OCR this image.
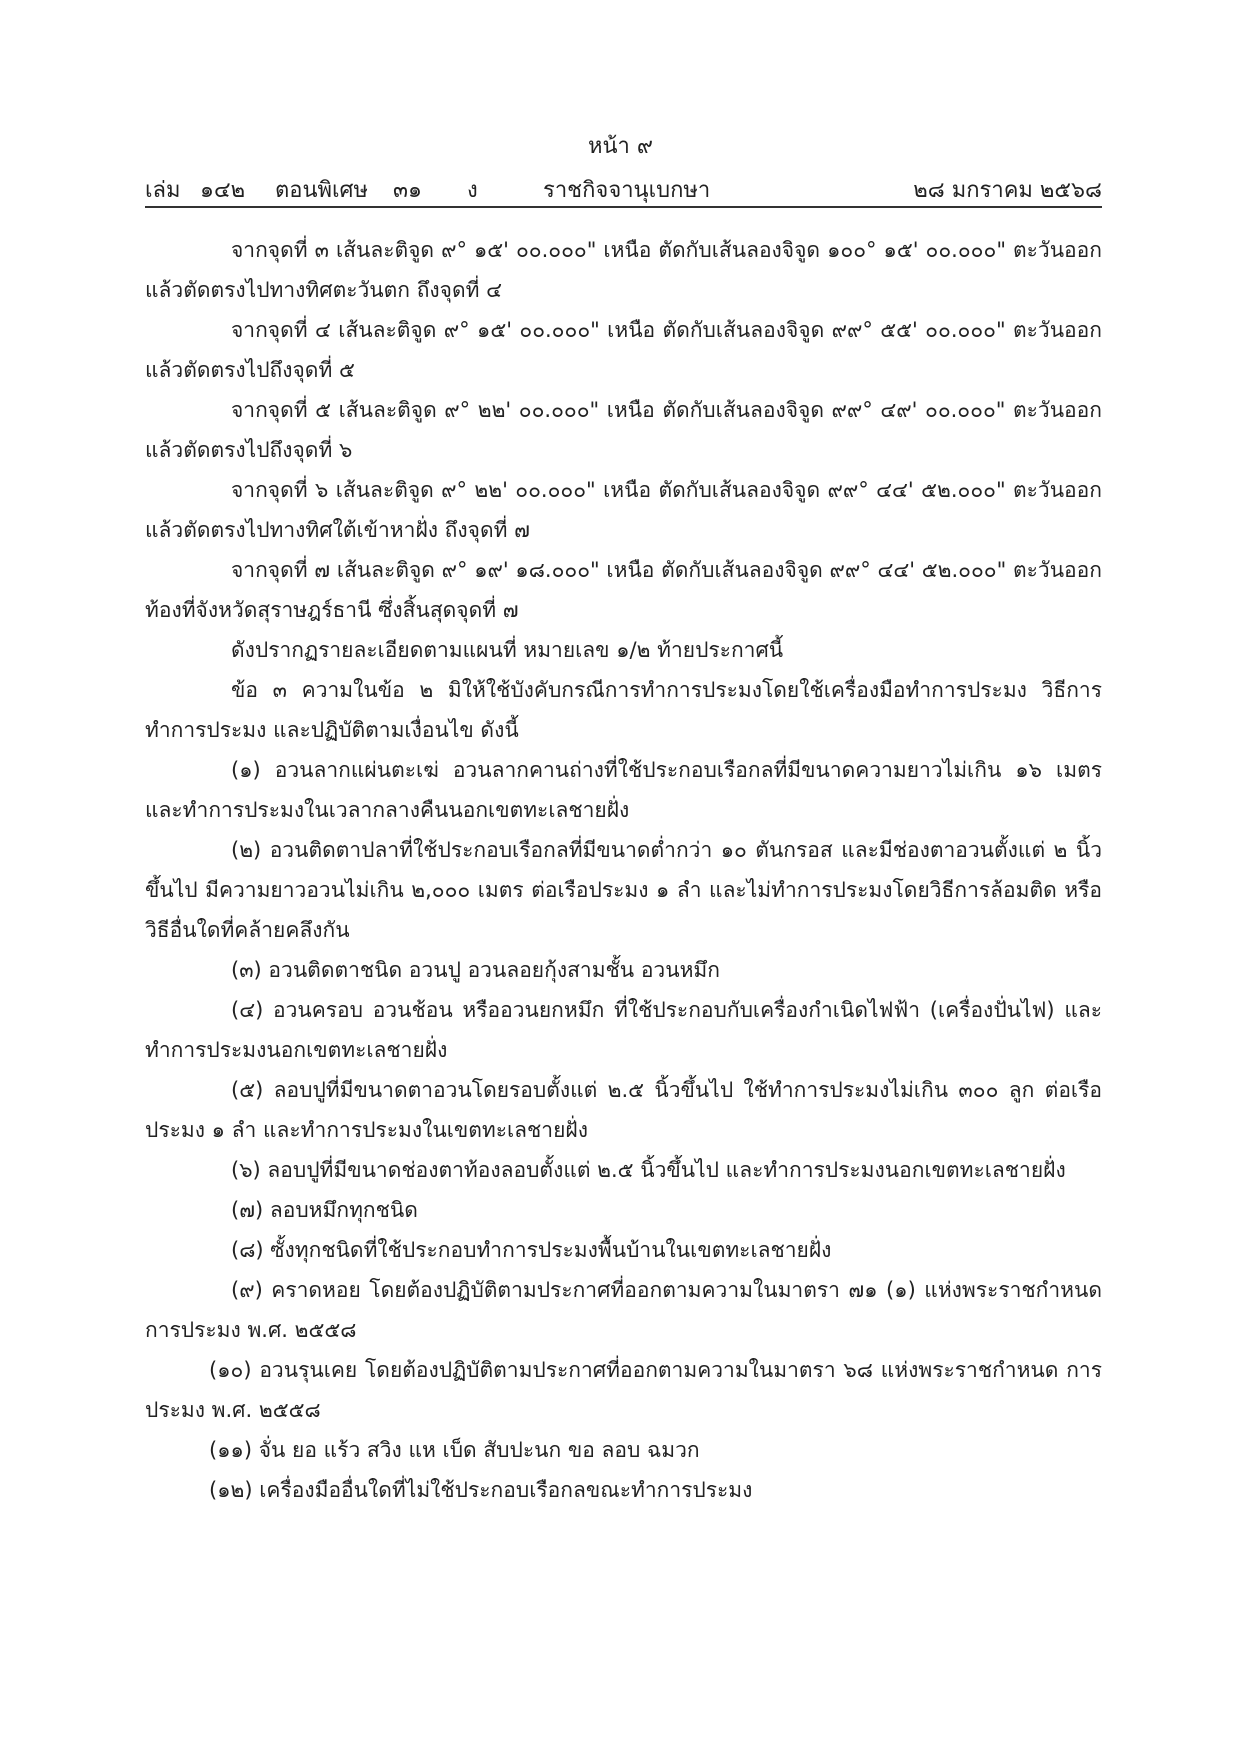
หน้า ๙
เล่ม ๑๔๒ ตอนพิเศษ ๓๑ ง	ราชกิจจานุเบกษา	๒๘ มกราคม ๒๕๖๘

จากจุดที่ ๓ เส้นละติจูด ๙° ๑๕' ๐๐.๐๐๐" เหนือ ตัดกับเส้นลองจิจูด ๑๐๐° ๑๕' ๐๐.๐๐๐" ตะวันออก แล้วตัดตรงไปทางทิศตะวันตก ถึงจุดที่ ๔

จากจุดที่ ๔ เส้นละติจูด ๙° ๑๕' ๐๐.๐๐๐" เหนือ ตัดกับเส้นลองจิจูด ๙๙° ๕๕' ๐๐.๐๐๐" ตะวันออก แล้วตัดตรงไปถึงจุดที่ ๕

จากจุดที่ ๕ เส้นละติจูด ๙° ๒๒' ๐๐.๐๐๐" เหนือ ตัดกับเส้นลองจิจูด ๙๙° ๔๙' ๐๐.๐๐๐" ตะวันออก แล้วตัดตรงไปถึงจุดที่ ๖

จากจุดที่ ๖ เส้นละติจูด ๙° ๒๒' ๐๐.๐๐๐" เหนือ ตัดกับเส้นลองจิจูด ๙๙° ๔๔' ๕๒.๐๐๐" ตะวันออก แล้วตัดตรงไปทางทิศใต้เข้าหาฝั่ง ถึงจุดที่ ๗

จากจุดที่ ๗ เส้นละติจูด ๙° ๑๙' ๑๘.๐๐๐" เหนือ ตัดกับเส้นลองจิจูด ๙๙° ๔๔' ๕๒.๐๐๐" ตะวันออก ท้องที่จังหวัดสุราษฎร์ธานี ซึ่งสิ้นสุดจุดที่ ๗

ดังปรากฏรายละเอียดตามแผนที่ หมายเลข ๑/๒ ท้ายประกาศนี้

ข้อ ๓ ความในข้อ ๒ มิให้ใช้บังคับกรณีการทำการประมงโดยใช้เครื่องมือทำการประมง วิธีการทำการประมง และปฏิบัติตามเงื่อนไข ดังนี้

(๑) อวนลากแผ่นตะเฆ่ อวนลากคานถ่างที่ใช้ประกอบเรือกลที่มีขนาดความยาวไม่เกิน ๑๖ เมตร และทำการประมงในเวลากลางคืนนอกเขตทะเลชายฝั่ง

(๒) อวนติดตาปลาที่ใช้ประกอบเรือกลที่มีขนาดต่ำกว่า ๑๐ ตันกรอส และมีช่องตาอวนตั้งแต่ ๒ นิ้วขึ้นไป มีความยาวอวนไม่เกิน ๒,๐๐๐ เมตร ต่อเรือประมง ๑ ลำ และไม่ทำการประมงโดยวิธีการล้อมติด หรือวิธีอื่นใดที่คล้ายคลึงกัน

(๓) อวนติดตาชนิด อวนปู อวนลอยกุ้งสามชั้น อวนหมึก

(๔) อวนครอบ อวนช้อน หรืออวนยกหมึก ที่ใช้ประกอบกับเครื่องกำเนิดไฟฟ้า (เครื่องปั่นไฟ) และทำการประมงนอกเขตทะเลชายฝั่ง

(๕) ลอบปูที่มีขนาดตาอวนโดยรอบตั้งแต่ ๒.๕ นิ้วขึ้นไป ใช้ทำการประมงไม่เกิน ๓๐๐ ลูก ต่อเรือประมง ๑ ลำ และทำการประมงในเขตทะเลชายฝั่ง

(๖) ลอบปูที่มีขนาดช่องตาท้องลอบตั้งแต่ ๒.๕ นิ้วขึ้นไป และทำการประมงนอกเขตทะเลชายฝั่ง

(๗) ลอบหมึกทุกชนิด

(๘) ซั้งทุกชนิดที่ใช้ประกอบทำการประมงพื้นบ้านในเขตทะเลชายฝั่ง

(๙) คราดหอย โดยต้องปฏิบัติตามประกาศที่ออกตามความในมาตรา ๗๑ (๑) แห่งพระราชกำหนด การประมง พ.ศ. ๒๕๕๘

(๑๐) อวนรุนเคย โดยต้องปฏิบัติตามประกาศที่ออกตามความในมาตรา ๖๘ แห่งพระราชกำหนด การประมง พ.ศ. ๒๕๕๘

(๑๑) จั่น ยอ แร้ว สวิง แห เบ็ด สับปะนก ขอ ลอบ ฉมวก

(๑๒) เครื่องมืออื่นใดที่ไม่ใช้ประกอบเรือกลขณะทำการประมง
